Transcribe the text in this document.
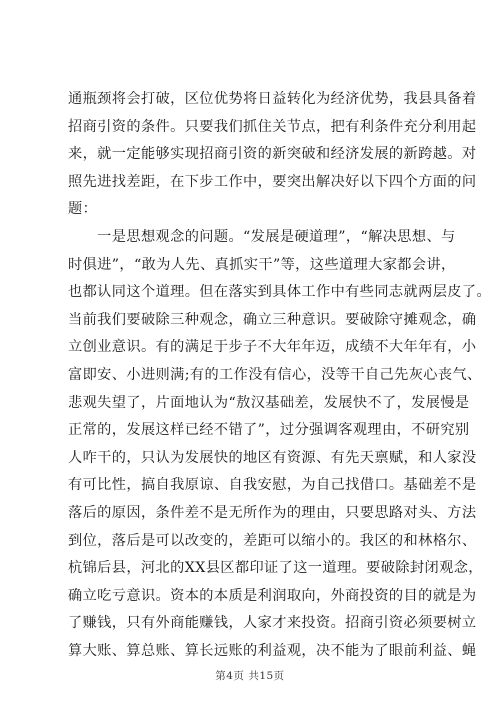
通瓶颈将会打破，区位优势将日益转化为经济优势，我县具备着
招商引资的条件。只要我们抓住关节点，把有利条件充分利用起
来，就一定能够实现招商引资的新突破和经济发展的新跨越。对
照先进找差距，在下步工作中，要突出解决好以下四个方面的问
题：
　　一是思想观念的问题。“发展是硬道理”，“解决思想、与
时俱进”，“敢为人先、真抓实干”等，这些道理大家都会讲，
也都认同这个道理。但在落实到具体工作中有些同志就两层皮了。
当前我们要破除三种观念，确立三种意识。要破除守摊观念，确
立创业意识。有的满足于步子不大年年迈，成绩不大年年有，小
富即安、小进则满;有的工作没有信心，没等干自己先灰心丧气、
悲观失望了，片面地认为“敖汉基础差，发展快不了，发展慢是
正常的，发展这样已经不错了”，过分强调客观理由，不研究别
人咋干的，只认为发展快的地区有资源、有先天禀赋，和人家没
有可比性，搞自我原谅、自我安慰，为自己找借口。基础差不是
落后的原因，条件差不是无所作为的理由，只要思路对头、方法
到位，落后是可以改变的，差距可以缩小的。我区的和林格尔、
杭锦后县，河北的XX县区都印证了这一道理。要破除封闭观念，
确立吃亏意识。资本的本质是利润取向，外商投资的目的就是为
了赚钱，只有外商能赚钱，人家才来投资。招商引资必须要树立
算大账、算总账、算长远账的利益观，决不能为了眼前利益、蝇
第4页 共15页
